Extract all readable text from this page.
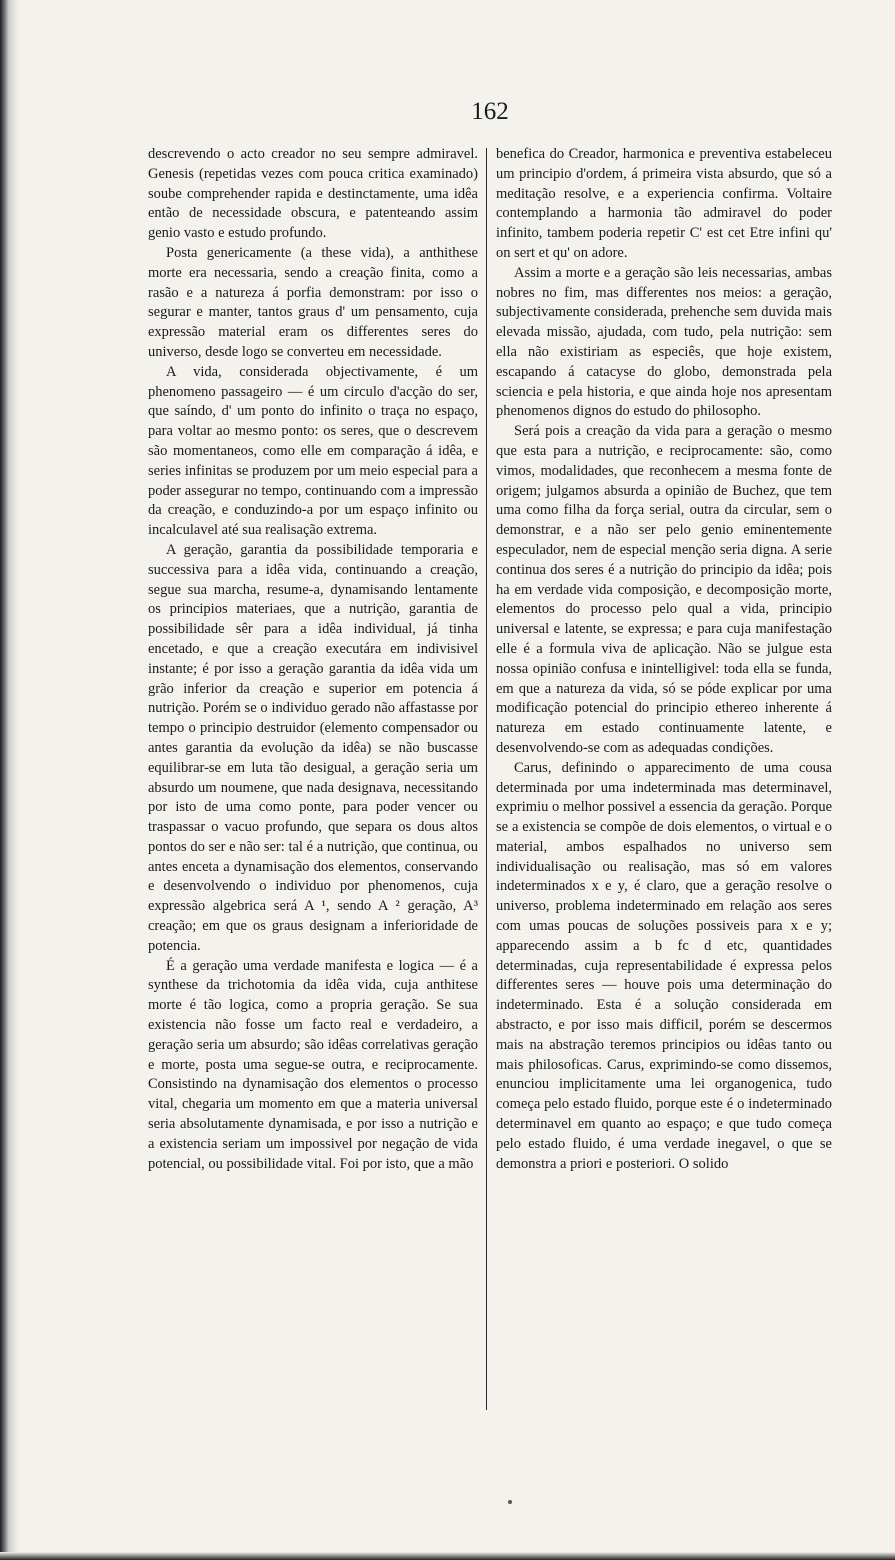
162

descrevendo o acto creador no seu sempre admiravel. Genesis (repetidas vezes com pouca critica examinado) soube comprehender rapida e destinctamente, uma idêa então de necessidade obscura, e patenteando assim genio vasto e estudo profundo.

Posta genericamente (a these vida), a anthithese morte era necessaria, sendo a creação finita, como a rasão e a natureza á porfia demonstram: por isso o segurar e manter, tantos graus d' um pensamento, cuja expressão material eram os differentes seres do universo, desde logo se converteu em necessidade.

A vida, considerada objectivamente, é um phenomeno passageiro — é um circulo d'acção do ser, que saíndo, d' um ponto do infinito o traça no espaço, para voltar ao mesmo ponto: os seres, que o descrevem são momentaneos, como elle em comparação á idêa, e series infinitas se produzem por um meio especial para a poder assegurar no tempo, continuando com a impressão da creação, e conduzindo-a por um espaço infinito ou incalculavel até sua realisação extrema.

A geração, garantia da possibilidade temporaria e successiva para a idêa vida, continuando a creação, segue sua marcha, resume-a, dynamisando lentamente os principios materiaes, que a nutrição, garantia de possibilidade sêr para a idêa individual, já tinha encetado, e que a creação executára em indivisivel instante; é por isso a geração garantia da idêa vida um grão inferior da creação e superior em potencia á nutrição. Porém se o individuo gerado não affastasse por tempo o principio destruidor (elemento compensador ou antes garantia da evolução da idêa) se não buscasse equilibrar-se em luta tão desigual, a geração seria um absurdo um noumene, que nada designava, necessitando por isto de uma como ponte, para poder vencer ou traspassar o vacuo profundo, que separa os dous altos pontos do ser e não ser: tal é a nutrição, que continua, ou antes enceta a dynamisação dos elementos, conservando e desenvolvendo o individuo por phenomenos, cuja expressão algebrica será A ¹, sendo A ² geração, A³ creação; em que os graus designam a inferioridade de potencia.

É a geração uma verdade manifesta e logica — é a synthese da trichotomia da idêa vida, cuja anthitese morte é tão logica, como a propria geração. Se sua existencia não fosse um facto real e verdadeiro, a geração seria um absurdo; são idêas correlativas geração e morte, posta uma segue-se outra, e reciprocamente. Consistindo na dynamisação dos elementos o processo vital, chegaria um momento em que a materia universal seria absolutamente dynamisada, e por isso a nutrição e a existencia seriam um impossivel por negação de vida potencial, ou possibilidade vital. Foi por isto, que a mão

benefica do Creador, harmonica e preventiva estabeleceu um principio d'ordem, á primeira vista absurdo, que só a meditação resolve, e a experiencia confirma. Voltaire contemplando a harmonia tão admiravel do poder infinito, tambem poderia repetir C' est cet Etre infini qu' on sert et qu' on adore.

Assim a morte e a geração são leis necessarias, ambas nobres no fim, mas differentes nos meios: a geração, subjectivamente considerada, prehenche sem duvida mais elevada missão, ajudada, com tudo, pela nutrição: sem ella não existiriam as especiês, que hoje existem, escapando á catacyse do globo, demonstrada pela sciencia e pela historia, e que ainda hoje nos apresentam phenomenos dignos do estudo do philosopho.

Será pois a creação da vida para a geração o mesmo que esta para a nutrição, e reciprocamente: são, como vimos, modalidades, que reconhecem a mesma fonte de origem; julgamos absurda a opinião de Buchez, que tem uma como filha da força serial, outra da circular, sem o demonstrar, e a não ser pelo genio eminentemente especulador, nem de especial menção seria digna. A serie continua dos seres é a nutrição do principio da idêa; pois ha em verdade vida composição, e decomposição morte, elementos do processo pelo qual a vida, principio universal e latente, se expressa; e para cuja manifestação elle é a formula viva de aplicação. Não se julgue esta nossa opinião confusa e inintelligivel: toda ella se funda, em que a natureza da vida, só se póde explicar por uma modificação potencial do principio ethereo inherente á natureza em estado continuamente latente, e desenvolvendo-se com as adequadas condições.

Carus, definindo o apparecimento de uma cousa determinada por uma indeterminada mas determinavel, exprimiu o melhor possivel a essencia da geração. Porque se a existencia se compõe de dois elementos, o virtual e o material, ambos espalhados no universo sem individualisação ou realisação, mas só em valores indeterminados x e y, é claro, que a geração resolve o universo, problema indeterminado em relação aos seres com umas poucas de soluções possiveis para x e y; apparecendo assim a b fc d etc, quantidades determinadas, cuja representabilidade é expressa pelos differentes seres — houve pois uma determinação do indeterminado. Esta é a solução considerada em abstracto, e por isso mais difficil, porém se descermos mais na abstração teremos principios ou idêas tanto ou mais philosoficas. Carus, exprimindo-se como dissemos, enunciou implicitamente uma lei organogenica, tudo começa pelo estado fluido, porque este é o indeterminado determinavel em quanto ao espaço; e que tudo começa pelo estado fluido, é uma verdade inegavel, o que se demonstra a priori e posteriori. O solido
